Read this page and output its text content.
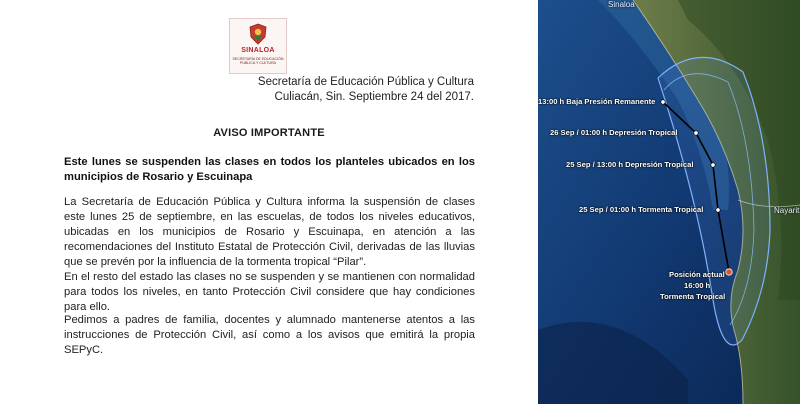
SINALOA
SECRETARÍA DE EDUCACIÓN PÚBLICA Y CULTURA
Secretaría de Educación Pública y Cultura
Culiacán, Sin. Septiembre 24 del 2017.
AVISO IMPORTANTE
Este lunes se suspenden las clases en todos los planteles ubicados en los municipios de Rosario y Escuinapa
La Secretaría de Educación Pública y Cultura informa la suspensión de clases este lunes 25 de septiembre, en las escuelas, de todos los niveles educativos, ubicadas en los municipios de Rosario y Escuinapa, en atención a las recomendaciones del Instituto Estatal de Protección Civil, derivadas de las lluvias que se prevén por la influencia de la tormenta tropical “Pilar”.
En el resto del estado las clases no se suspenden y se mantienen con normalidad para todos los niveles, en tanto Protección Civil considere que hay condiciones para ello.
Pedimos a padres de familia, docentes y alumnado mantenerse atentos a las instrucciones de Protección Civil, así como a los avisos que emitirá la propia SEPyC.
Sinaloa
Nayarit
13:00 h Baja Presión Remanente
26 Sep / 01:00 h Depresión Tropical
25 Sep / 13:00 h Depresión Tropical
25 Sep / 01:00 h Tormenta Tropical
Posición actual
16:00 h
Tormenta Tropical
